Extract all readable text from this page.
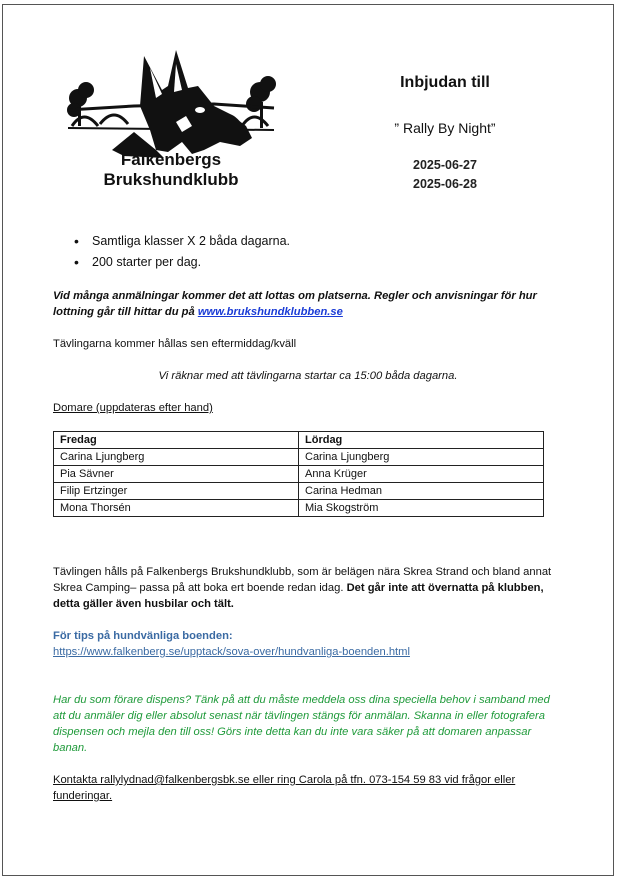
Falkenbergs
Brukshundklubb
Inbjudan till
” Rally By Night”
2025-06-27
2025-06-28
• Samtliga klasser X 2 båda dagarna.
• 200 starter per dag.
Vid många anmälningar kommer det att lottas om platserna. Regler och anvisningar för hur lottning går till hittar du på www.brukshundklubben.se
Tävlingarna kommer hållas sen eftermiddag/kväll
Vi räknar med att tävlingarna startar ca 15:00 båda dagarna.
Domare (uppdateras efter hand)
Fredag	Lördag
Carina Ljungberg	Carina Ljungberg
Pia Sävner	Anna Krüger
Filip Ertzinger	Carina Hedman
Mona Thorsén	Mia Skogström
Tävlingen hålls på Falkenbergs Brukshundklubb, som är belägen nära Skrea Strand och bland annat Skrea Camping– passa på att boka ert boende redan idag. Det går inte att övernatta på klubben, detta gäller även husbilar och tält.
För tips på hundvänliga boenden:
https://www.falkenberg.se/upptack/sova-over/hundvanliga-boenden.html
Har du som förare dispens? Tänk på att du måste meddela oss dina speciella behov i samband med att du anmäler dig eller absolut senast när tävlingen stängs för anmälan. Skanna in eller fotografera dispensen och mejla den till oss! Görs inte detta kan du inte vara säker på att domaren anpassar banan.
Kontakta rallylydnad@falkenbergsbk.se eller ring Carola på tfn. 073-154 59 83 vid frågor eller funderingar.
